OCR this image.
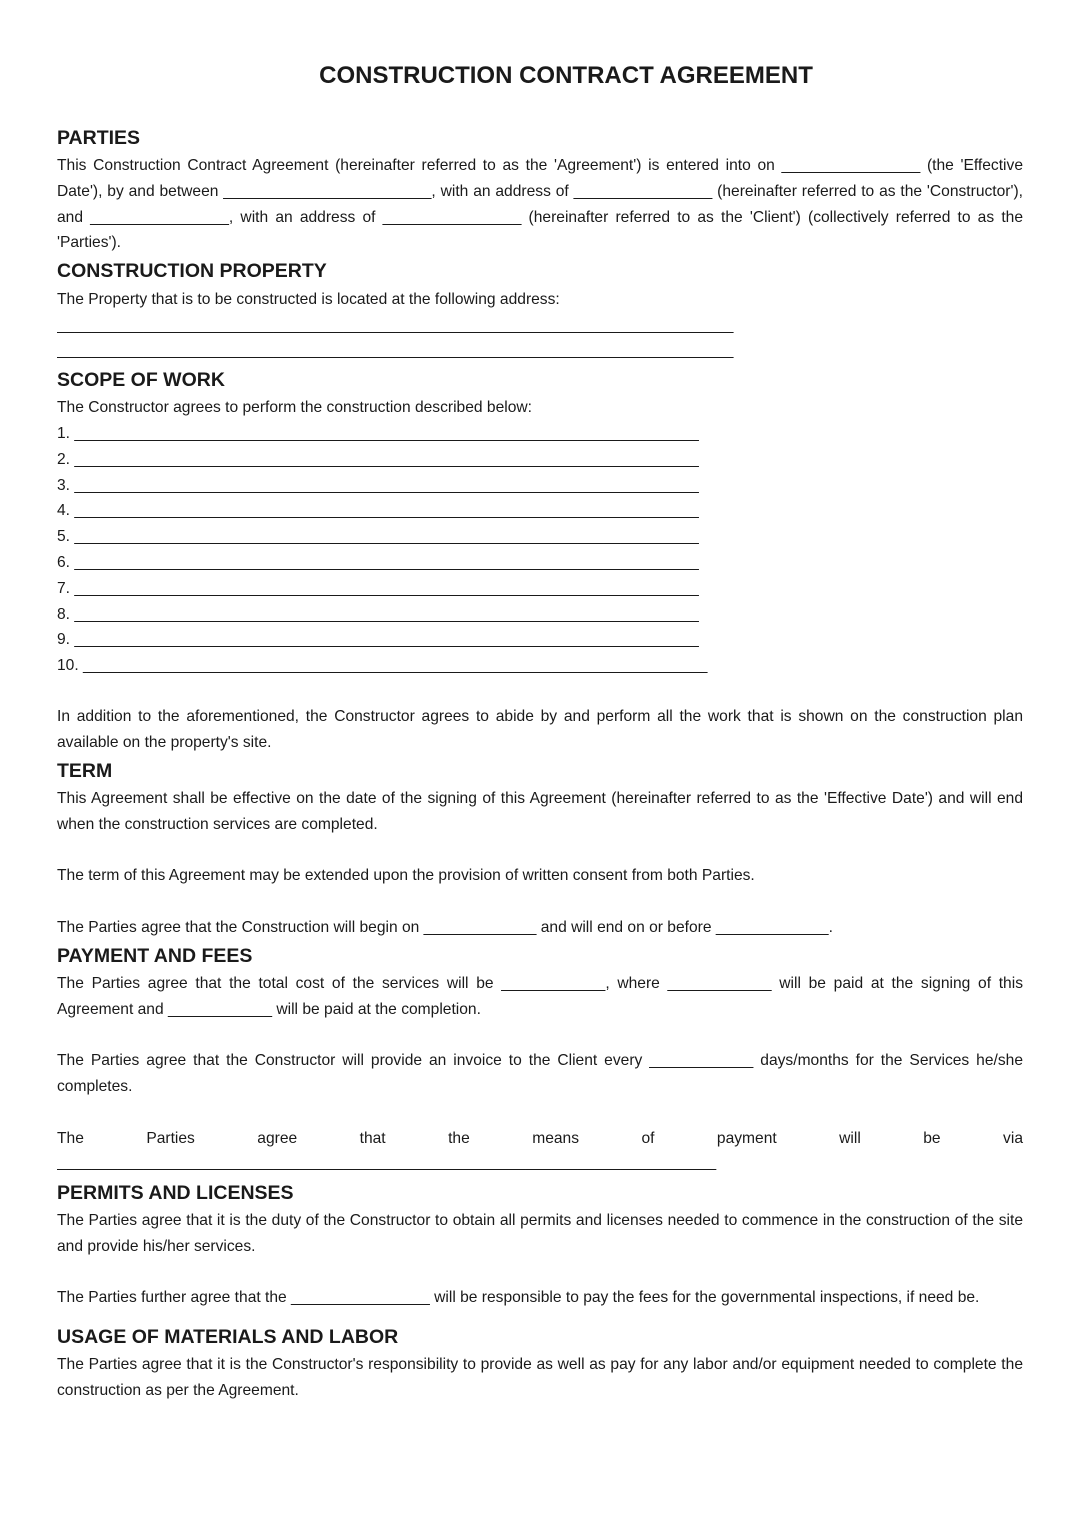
CONSTRUCTION CONTRACT AGREEMENT
PARTIES
This Construction Contract Agreement (hereinafter referred to as the 'Agreement') is entered into on ________________ (the 'Effective Date'), by and between ________________________, with an address of ________________ (hereinafter referred to as the 'Constructor'), and ________________, with an address of ________________ (hereinafter referred to as the 'Client') (collectively referred to as the 'Parties').
CONSTRUCTION PROPERTY
The Property that is to be constructed is located at the following address:
______________________________________________________________________________
______________________________________________________________________________
SCOPE OF WORK
The Constructor agrees to perform the construction described below:
1. ________________________________________________________________________
2. ________________________________________________________________________
3. ________________________________________________________________________
4. ________________________________________________________________________
5. ________________________________________________________________________
6. ________________________________________________________________________
7. ________________________________________________________________________
8. ________________________________________________________________________
9. ________________________________________________________________________
10. ________________________________________________________________________
In addition to the aforementioned, the Constructor agrees to abide by and perform all the work that is shown on the construction plan available on the property's site.
TERM
This Agreement shall be effective on the date of the signing of this Agreement (hereinafter referred to as the 'Effective Date') and will end when the construction services are completed.
The term of this Agreement may be extended upon the provision of written consent from both Parties.
The Parties agree that the Construction will begin on _____________ and will end on or before _____________.
PAYMENT AND FEES
The Parties agree that the total cost of the services will be ____________, where ____________ will be paid at the signing of this Agreement and ____________ will be paid at the completion.
The Parties agree that the Constructor will provide an invoice to the Client every ____________ days/months for the Services he/she completes.
The Parties agree that the means of payment will be via
____________________________________________________________________________
PERMITS AND LICENSES
The Parties agree that it is the duty of the Constructor to obtain all permits and licenses needed to commence in the construction of the site and provide his/her services.
The Parties further agree that the ________________ will be responsible to pay the fees for the governmental inspections, if need be.
USAGE OF MATERIALS AND LABOR
The Parties agree that it is the Constructor's responsibility to provide as well as pay for any labor and/or equipment needed to complete the construction as per the Agreement.
